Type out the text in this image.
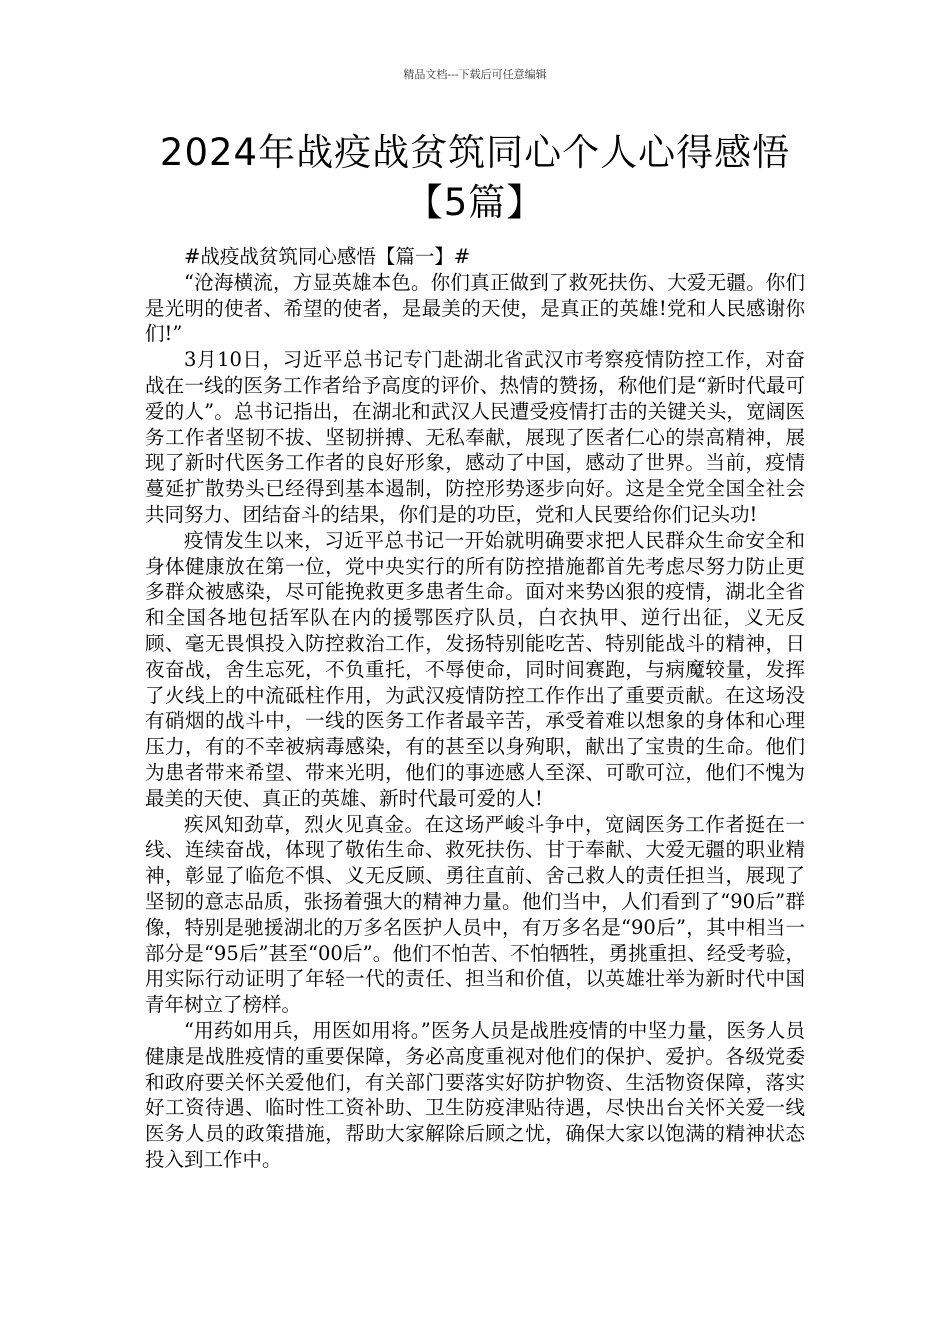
精品文档---下载后可任意编辑
2024年战疫战贫筑同心个人心得感悟
【5篇】

#战疫战贫筑同心感悟【篇一】#

“沧海横流，方显英雄本色。你们真正做到了救死扶伤、大爱无疆。你们是光明的使者、希望的使者，是最美的天使，是真正的英雄!党和人民感谢你们!”

3月10日，习近平总书记专门赴湖北省武汉市考察疫情防控工作，对奋战在一线的医务工作者给予高度的评价、热情的赞扬，称他们是“新时代最可爱的人”。总书记指出，在湖北和武汉人民遭受疫情打击的关键关头，宽阔医务工作者坚韧不拔、坚韧拼搏、无私奉献，展现了医者仁心的崇高精神，展现了新时代医务工作者的良好形象，感动了中国，感动了世界。当前，疫情蔓延扩散势头已经得到基本遏制，防控形势逐步向好。这是全党全国全社会共同努力、团结奋斗的结果，你们是的功臣，党和人民要给你们记头功!

疫情发生以来，习近平总书记一开始就明确要求把人民群众生命安全和身体健康放在第一位，党中央实行的所有防控措施都首先考虑尽努力防止更多群众被感染，尽可能挽救更多患者生命。面对来势凶狠的疫情，湖北全省和全国各地包括军队在内的援鄂医疗队员，白衣执甲、逆行出征，义无反顾、毫无畏惧投入防控救治工作，发扬特别能吃苦、特别能战斗的精神，日夜奋战，舍生忘死，不负重托，不辱使命，同时间赛跑，与病魔较量，发挥了火线上的中流砥柱作用，为武汉疫情防控工作作出了重要贡献。在这场没有硝烟的战斗中，一线的医务工作者最辛苦，承受着难以想象的身体和心理压力，有的不幸被病毒感染，有的甚至以身殉职，献出了宝贵的生命。他们为患者带来希望、带来光明，他们的事迹感人至深、可歌可泣，他们不愧为最美的天使、真正的英雄、新时代最可爱的人!

疾风知劲草，烈火见真金。在这场严峻斗争中，宽阔医务工作者挺在一线、连续奋战，体现了敬佑生命、救死扶伤、甘于奉献、大爱无疆的职业精神，彰显了临危不惧、义无反顾、勇往直前、舍己救人的责任担当，展现了坚韧的意志品质，张扬着强大的精神力量。他们当中，人们看到了“90后”群像，特别是驰援湖北的万多名医护人员中，有万多名是“90后”，其中相当一部分是“95后”甚至“00后”。他们不怕苦、不怕牺牲，勇挑重担、经受考验，用实际行动证明了年轻一代的责任、担当和价值，以英雄壮举为新时代中国青年树立了榜样。

“用药如用兵，用医如用将。”医务人员是战胜疫情的中坚力量，医务人员健康是战胜疫情的重要保障，务必高度重视对他们的保护、爱护。各级党委和政府要关怀关爱他们，有关部门要落实好防护物资、生活物资保障，落实好工资待遇、临时性工资补助、卫生防疫津贴待遇，尽快出台关怀关爱一线医务人员的政策措施，帮助大家解除后顾之忧，确保大家以饱满的精神状态投入到工作中。
